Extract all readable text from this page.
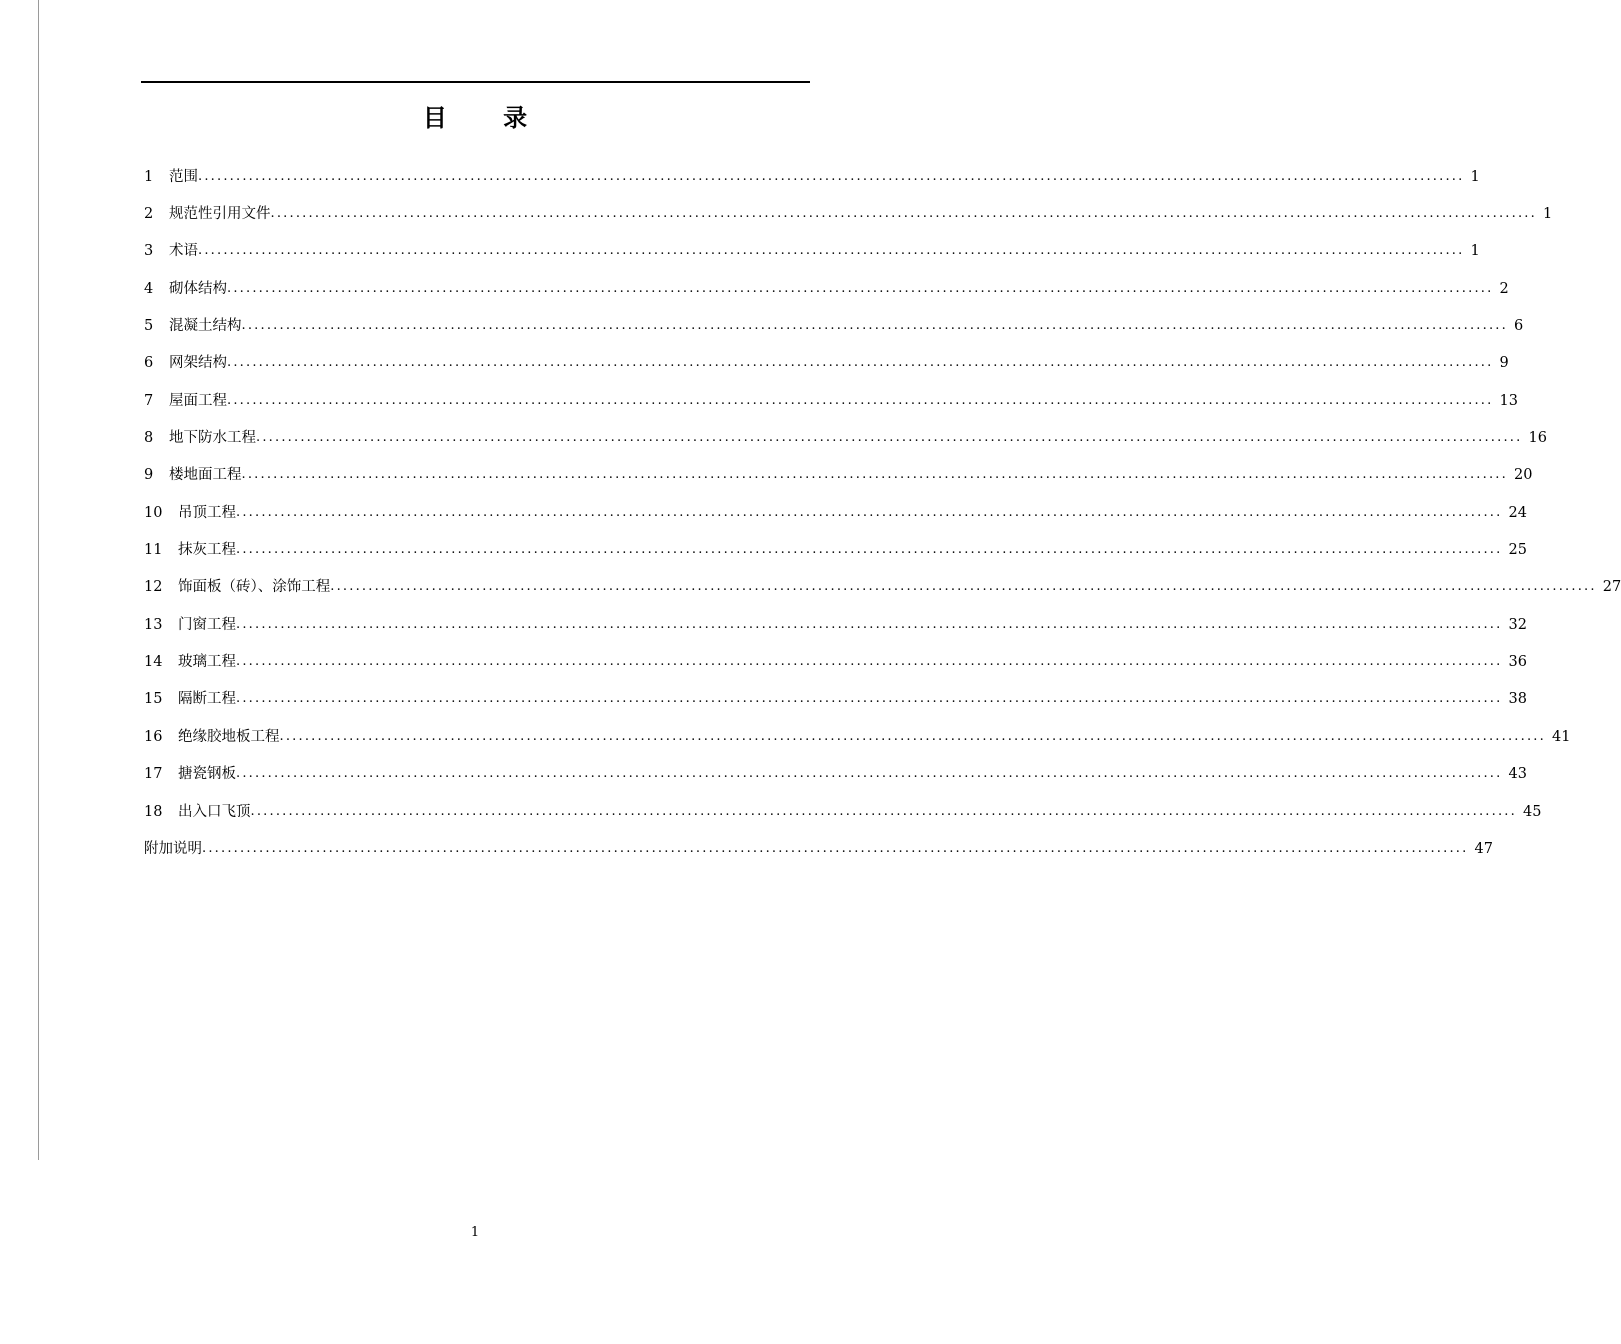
目 录
1	范围 ........................................................................................................................................................................................................ 1
2	规范性引用文件 ........................................................................................................................................................................................................ 1
3	术语 ........................................................................................................................................................................................................ 1
4	砌体结构 ........................................................................................................................................................................................................ 2
5	混凝土结构 ........................................................................................................................................................................................................ 6
6	网架结构 ........................................................................................................................................................................................................ 9
7	屋面工程 ........................................................................................................................................................................................................ 13
8	地下防水工程 ........................................................................................................................................................................................................ 16
9	楼地面工程 ........................................................................................................................................................................................................ 20
10	吊顶工程 ........................................................................................................................................................................................................ 24
11	抹灰工程 ........................................................................................................................................................................................................ 25
12	饰面板（砖）、涂饰工程 ........................................................................................................................................................................................................ 27
13	门窗工程 ........................................................................................................................................................................................................ 32
14	玻璃工程 ........................................................................................................................................................................................................ 36
15	隔断工程 ........................................................................................................................................................................................................ 38
16	绝缘胶地板工程 ........................................................................................................................................................................................................ 41
17	搪瓷钢板 ........................................................................................................................................................................................................ 43
18	出入口飞顶 ........................................................................................................................................................................................................ 45
附加说明 ........................................................................................................................................................................................................ 47
1
